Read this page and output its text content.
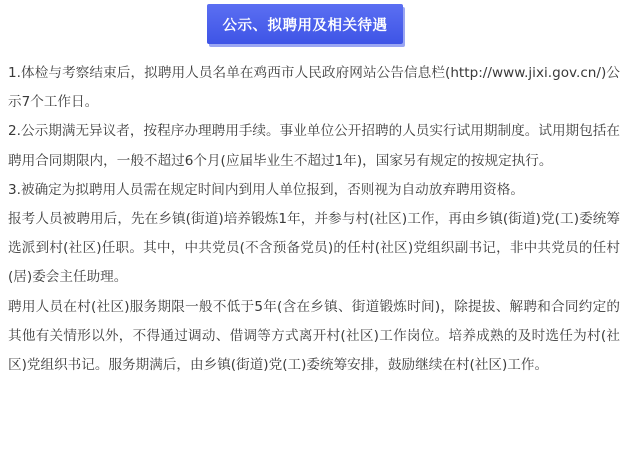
公示、拟聘用及相关待遇

1.体检与考察结束后，拟聘用人员名单在鸡西市人民政府网站公告信息栏(http://www.jixi.gov.cn/)公示7个工作日。

2.公示期满无异议者，按程序办理聘用手续。事业单位公开招聘的人员实行试用期制度。试用期包括在聘用合同期限内，一般不超过6个月(应届毕业生不超过1年)，国家另有规定的按规定执行。

3.被确定为拟聘用人员需在规定时间内到用人单位报到，否则视为自动放弃聘用资格。

报考人员被聘用后，先在乡镇(街道)培养锻炼1年，并参与村(社区)工作，再由乡镇(街道)党(工)委统筹选派到村(社区)任职。其中，中共党员(不含预备党员)的任村(社区)党组织副书记，非中共党员的任村(居)委会主任助理。

聘用人员在村(社区)服务期限一般不低于5年(含在乡镇、街道锻炼时间)，除提拔、解聘和合同约定的其他有关情形以外，不得通过调动、借调等方式离开村(社区)工作岗位。培养成熟的及时选任为村(社区)党组织书记。服务期满后，由乡镇(街道)党(工)委统筹安排，鼓励继续在村(社区)工作。
